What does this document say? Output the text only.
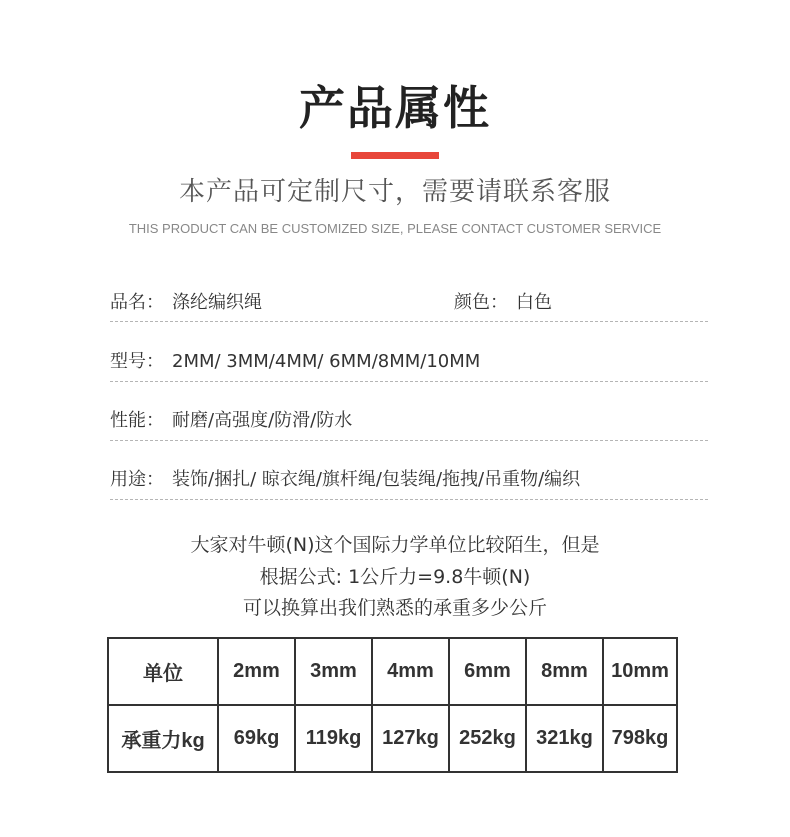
产品属性
本产品可定制尺寸，需要请联系客服
THIS PRODUCT CAN BE CUSTOMIZED SIZE, PLEASE CONTACT CUSTOMER SERVICE
品名： 涤纶编织绳	颜色： 白色
型号： 2MM/ 3MM/4MM/ 6MM/8MM/10MM
性能： 耐磨/高强度/防滑/防水
用途： 装饰/捆扎/ 晾衣绳/旗杆绳/包装绳/拖拽/吊重物/编织
大家对牛顿(N)这个国际力学单位比较陌生，但是
根据公式: 1公斤力=9.8牛顿(N)
可以换算出我们熟悉的承重多少公斤
单位	2mm	3mm	4mm	6mm	8mm	10mm
承重力kg	69kg	119kg	127kg	252kg	321kg	798kg
